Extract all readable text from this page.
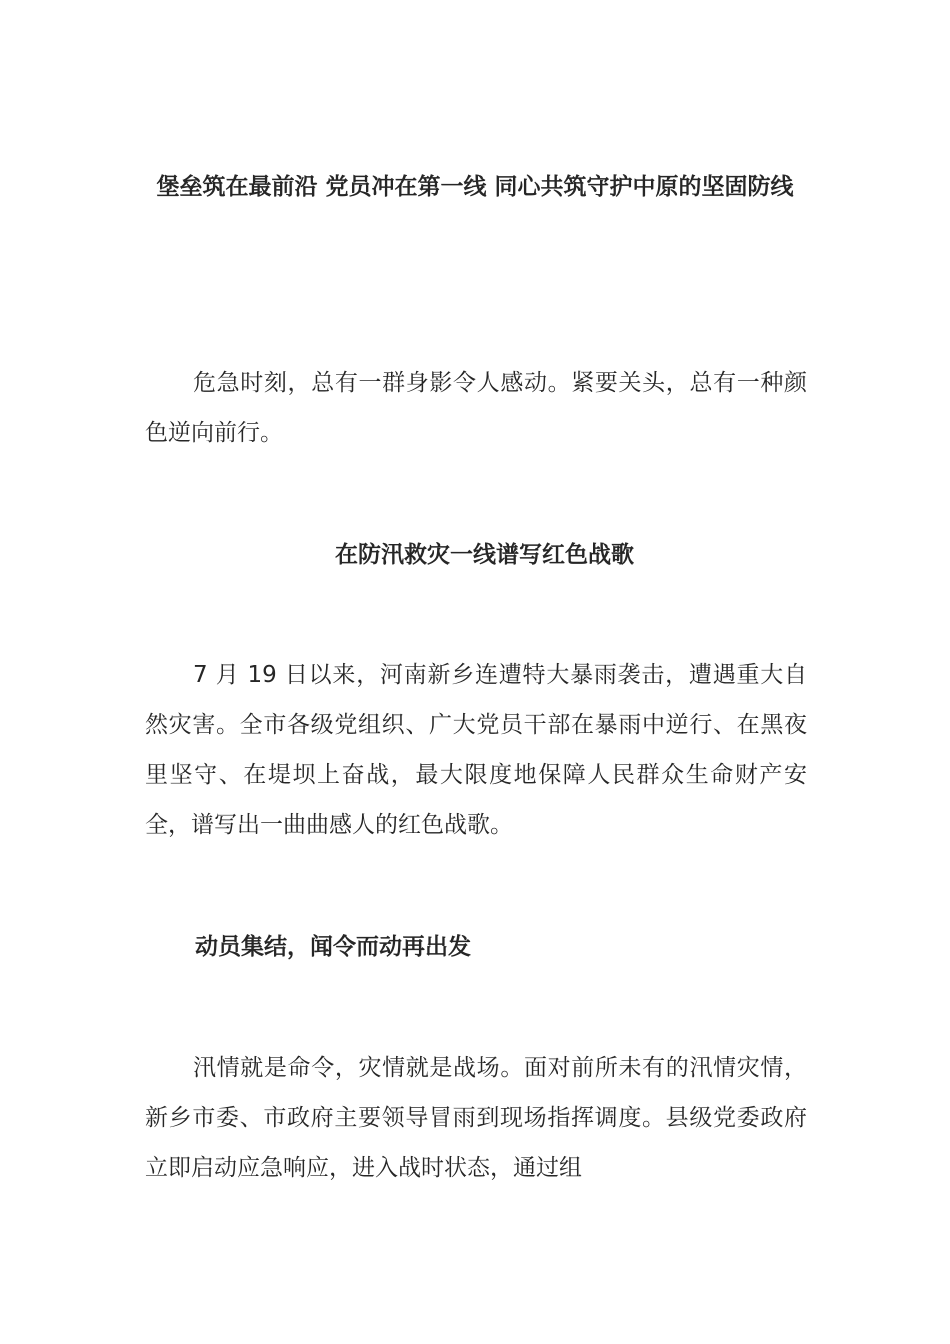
堡垒筑在最前沿 党员冲在第一线 同心共筑守护中原的坚固防线

危急时刻，总有一群身影令人感动。紧要关头，总有一种颜色逆向前行。

在防汛救灾一线谱写红色战歌

7 月 19 日以来，河南新乡连遭特大暴雨袭击，遭遇重大自然灾害。全市各级党组织、广大党员干部在暴雨中逆行、在黑夜里坚守、在堤坝上奋战，最大限度地保障人民群众生命财产安全，谱写出一曲曲感人的红色战歌。

动员集结，闻令而动再出发

汛情就是命令，灾情就是战场。面对前所未有的汛情灾情，新乡市委、市政府主要领导冒雨到现场指挥调度。县级党委政府立即启动应急响应，进入战时状态，通过组
